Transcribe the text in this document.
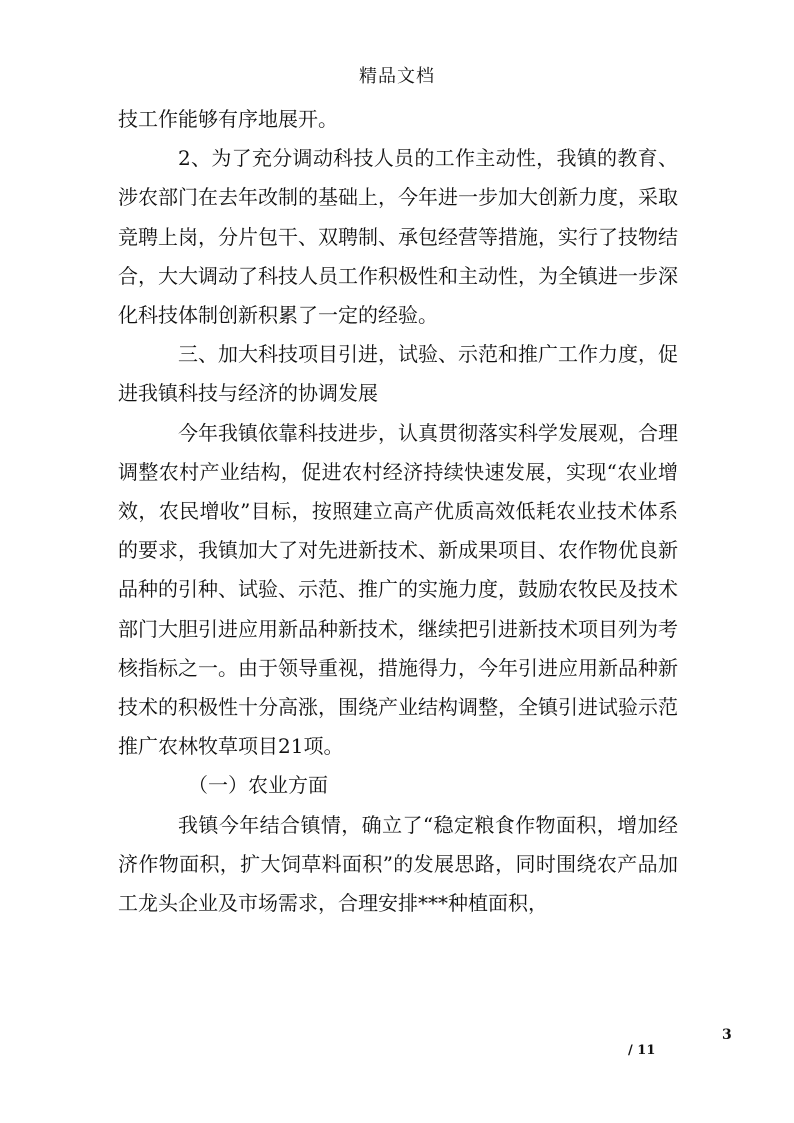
精品文档

技工作能够有序地展开。

2、为了充分调动科技人员的工作主动性，我镇的教育、涉农部门在去年改制的基础上，今年进一步加大创新力度，采取竞聘上岗，分片包干、双聘制、承包经营等措施，实行了技物结合，大大调动了科技人员工作积极性和主动性，为全镇进一步深化科技体制创新积累了一定的经验。

三、加大科技项目引进，试验、示范和推广工作力度，促进我镇科技与经济的协调发展

今年我镇依靠科技进步，认真贯彻落实科学发展观，合理调整农村产业结构，促进农村经济持续快速发展，实现“农业增效，农民增收”目标，按照建立高产优质高效低耗农业技术体系的要求，我镇加大了对先进新技术、新成果项目、农作物优良新品种的引种、试验、示范、推广的实施力度，鼓励农牧民及技术部门大胆引进应用新品种新技术，继续把引进新技术项目列为考核指标之一。由于领导重视，措施得力，今年引进应用新品种新技术的积极性十分高涨，围绕产业结构调整，全镇引进试验示范推广农林牧草项目21项。

（一）农业方面

我镇今年结合镇情，确立了“稳定粮食作物面积，增加经济作物面积，扩大饲草料面积”的发展思路，同时围绕农产品加工龙头企业及市场需求，合理安排***种植面积，

3
/ 11
